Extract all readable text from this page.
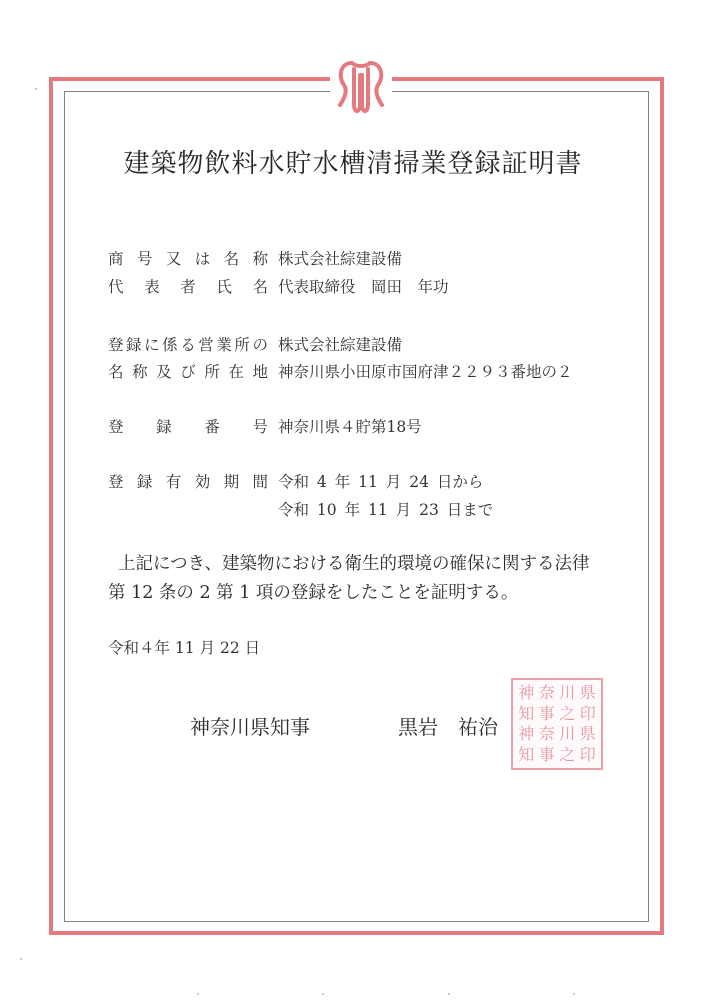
建築物飲料水貯水槽清掃業登録証明書
商号又は名称 株式会社綜建設備
代表者氏名 代表取締役　岡田　年功
登録に係る営業所の 株式会社綜建設備
名称及び所在地 神奈川県小田原市国府津２２９３番地の２
登録番号 神奈川県４貯第18号
登録有効期間 令和 4 年 11 月 24 日から
令和 10 年 11 月 23 日まで
上記につき、建築物における衛生的環境の確保に関する法律
第 12 条の 2 第 1 項の登録をしたことを証明する。
令和４年 11 月 22 日
神奈川県知事	黒岩　祐治
神 奈 川 県
知 事 之 印
神 奈 川 県
知 事 之 印
